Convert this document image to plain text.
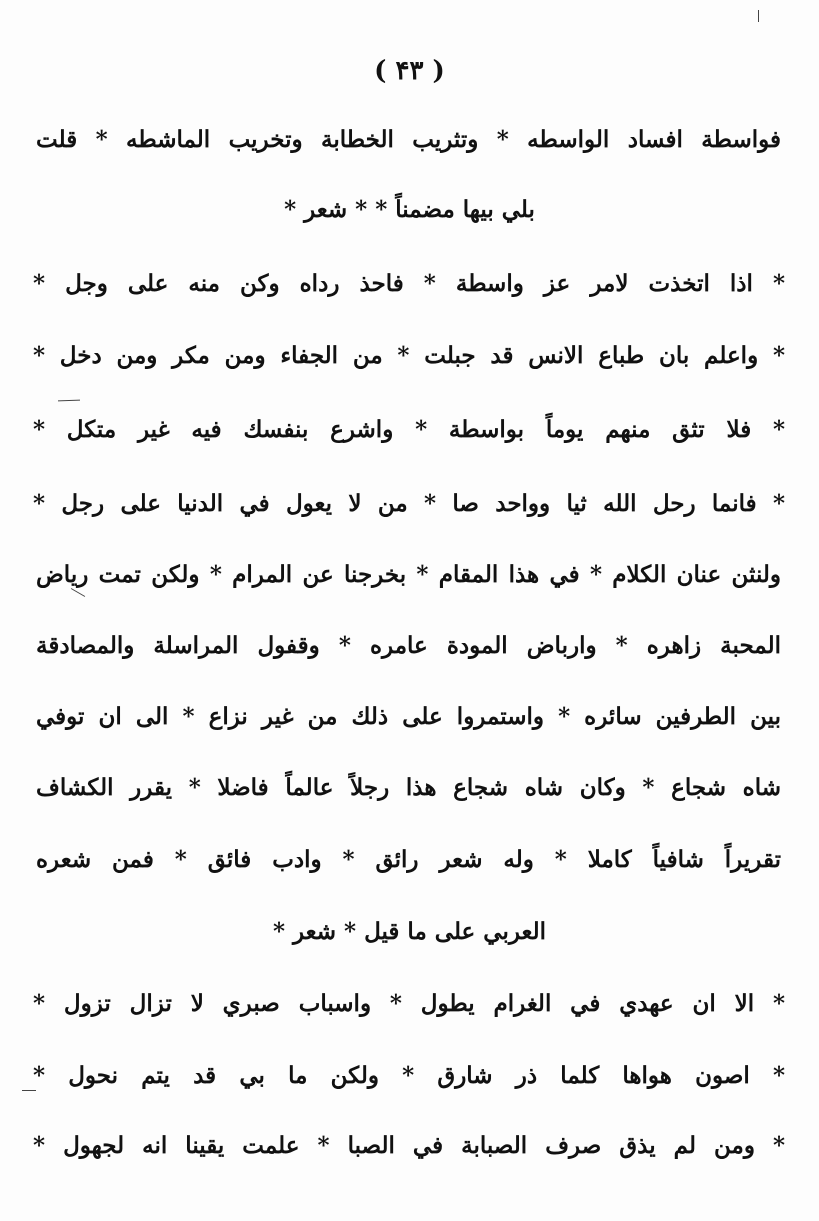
( ۴۳ )
فواسطة افساد الواسطه * وتثريب الخطابة وتخريب الماشطه * قلت
بلي بيها مضمناً * * شعر *
* اذا اتخذت لامر عز واسطة * فاحذ رداه وكن منه على وجل *
* واعلم بان طباع الانس قد جبلت * من الجفاء ومن مكر ومن دخل *
* فلا تثق منهم يوماً بواسطة * واشرع بنفسك فيه غير متكل *
* فانما رحل الله ثيا وواحد صا * من لا يعول في الدنيا على رجل *
ولنثن عنان الكلام * في هذا المقام * بخرجنا عن المرام * ولكن تمت رياض
المحبة زاهره * وارباض المودة عامره * وقفول المراسلة والمصادقة
بين الطرفين سائره * واستمروا على ذلك من غير نزاع * الى ان توفي
شاه شجاع * وكان شاه شجاع هذا رجلاً عالماً فاضلا * يقرر الكشاف
تقريراً شافياً كاملا * وله شعر رائق * وادب فائق * فمن شعره
العربي على ما قيل * شعر *
* الا ان عهدي في الغرام يطول * واسباب صبري لا تزال تزول *
* اصون هواها كلما ذر شارق * ولكن ما بي قد يتم نحول *
* ومن لم يذق صرف الصبابة في الصبا * علمت يقينا انه لجهول *
